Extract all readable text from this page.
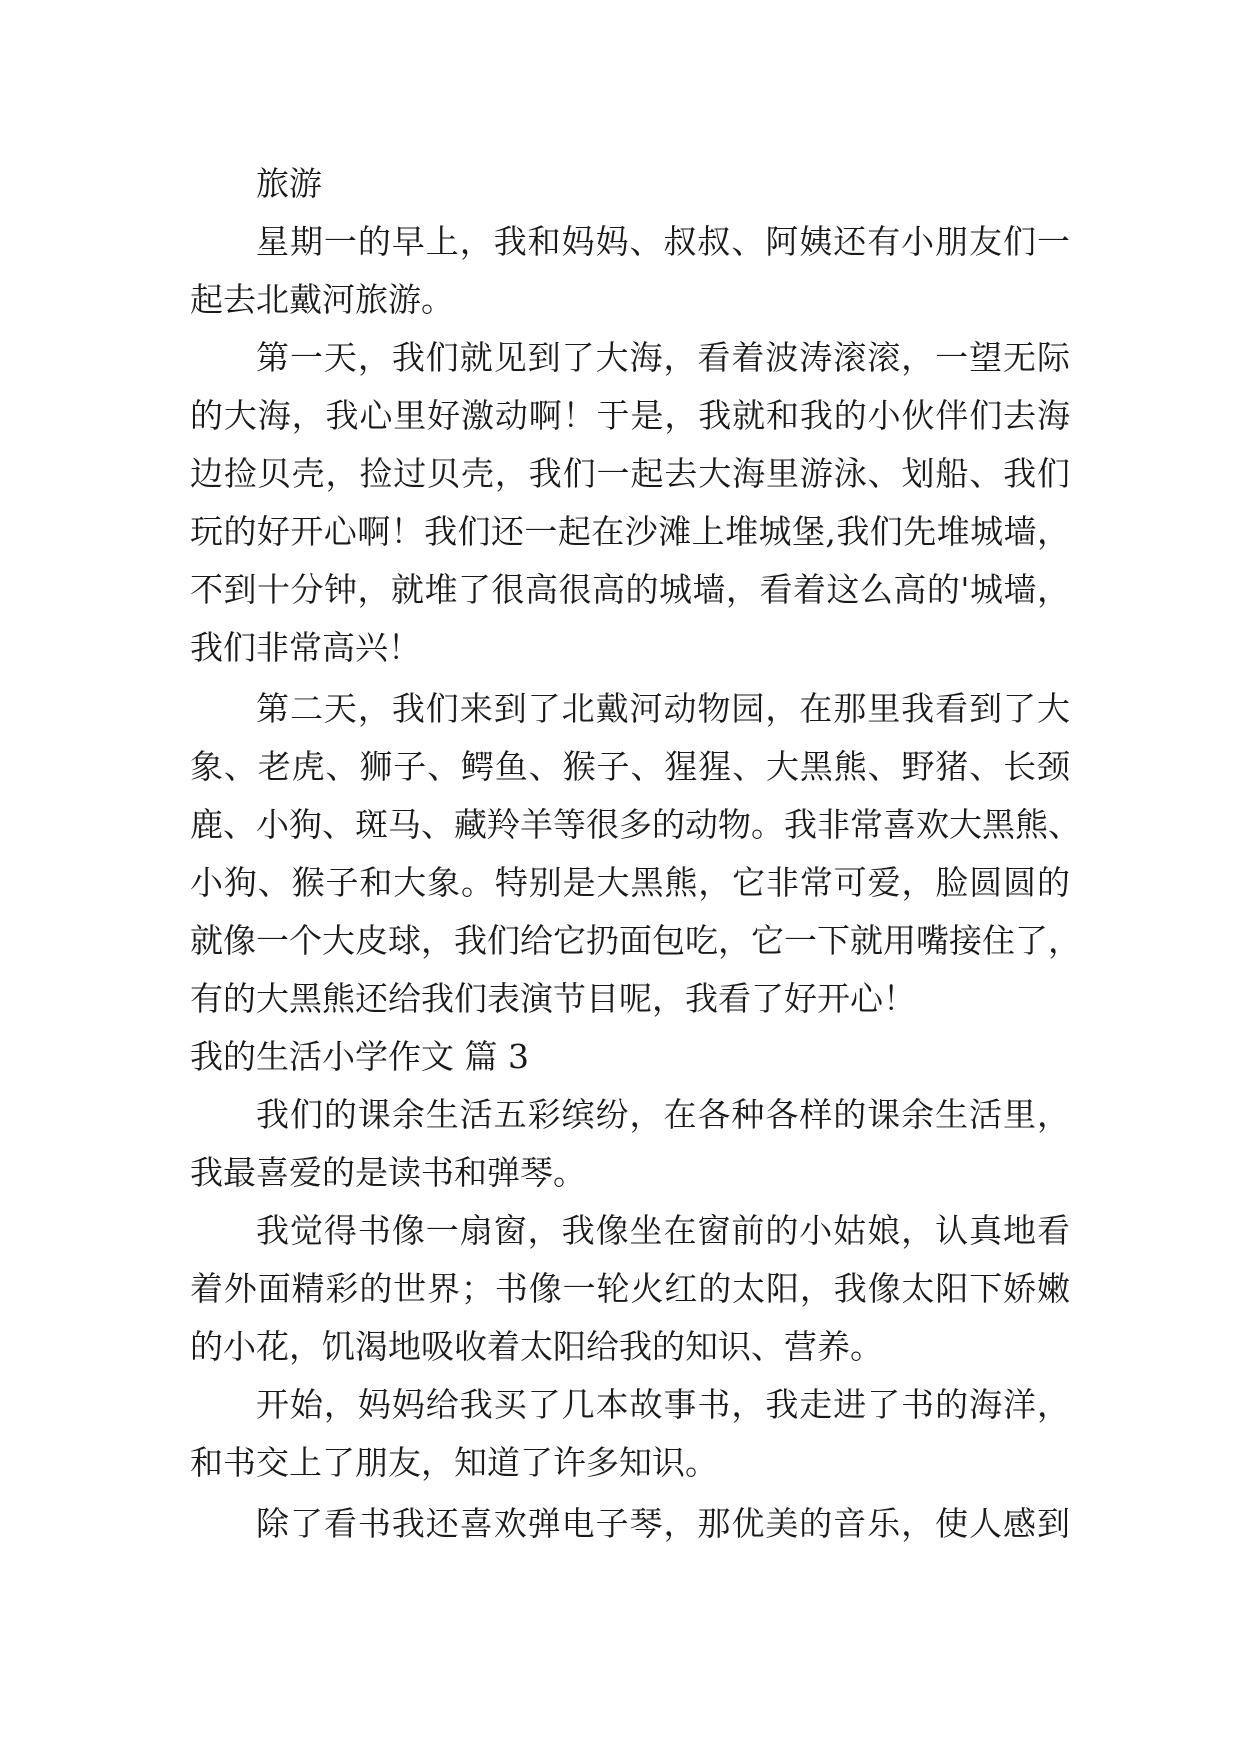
旅游
星期一的早上，我和妈妈、叔叔、阿姨还有小朋友们一
起去北戴河旅游。
第一天，我们就见到了大海，看着波涛滚滚，一望无际
的大海，我心里好激动啊！于是，我就和我的小伙伴们去海
边捡贝壳，捡过贝壳，我们一起去大海里游泳、划船、我们
玩的好开心啊！我们还一起在沙滩上堆城堡,我们先堆城墙，
不到十分钟，就堆了很高很高的城墙，看着这么高的'城墙，
我们非常高兴！
第二天，我们来到了北戴河动物园，在那里我看到了大
象、老虎、狮子、鳄鱼、猴子、猩猩、大黑熊、野猪、长颈
鹿、小狗、斑马、藏羚羊等很多的动物。我非常喜欢大黑熊、
小狗、猴子和大象。特别是大黑熊，它非常可爱，脸圆圆的
就像一个大皮球，我们给它扔面包吃，它一下就用嘴接住了，
有的大黑熊还给我们表演节目呢，我看了好开心！
我的生活小学作文 篇 3
我们的课余生活五彩缤纷，在各种各样的课余生活里，
我最喜爱的是读书和弹琴。
我觉得书像一扇窗，我像坐在窗前的小姑娘，认真地看
着外面精彩的世界；书像一轮火红的太阳，我像太阳下娇嫩
的小花，饥渴地吸收着太阳给我的知识、营养。
开始，妈妈给我买了几本故事书，我走进了书的海洋，
和书交上了朋友，知道了许多知识。
除了看书我还喜欢弹电子琴，那优美的音乐，使人感到
